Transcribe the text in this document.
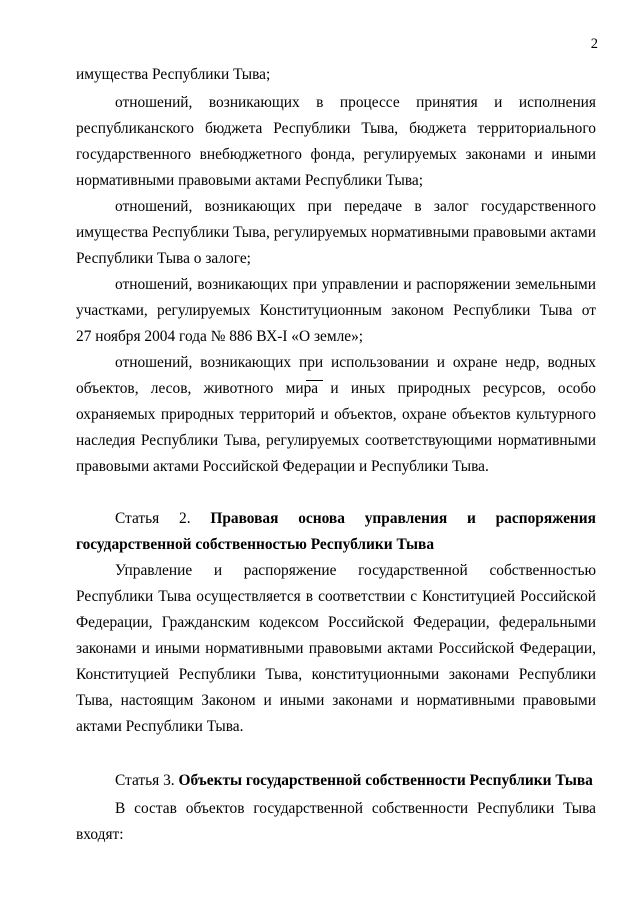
2
имущества Республики Тыва;
отношений, возникающих в процессе принятия и исполнения
республиканского бюджета Республики Тыва, бюджета территориального
государственного внебюджетного фонда, регулируемых законами и иными
нормативными правовыми актами Республики Тыва;
отношений, возникающих при передаче в залог государственного
имущества Республики Тыва, регулируемых нормативными правовыми актами
Республики Тыва о залоге;
отношений, возникающих при управлении и распоряжении земельными
участками, регулируемых Конституционным законом Республики Тыва от
27 ноября 2004 года № 886 ВХ-I «О земле»;
отношений, возникающих при использовании и охране недр, водных
объектов, лесов, животного мира и иных природных ресурсов, особо
охраняемых природных территорий и объектов, охране объектов культурного
наследия Республики Тыва, регулируемых соответствующими нормативными
правовыми актами Российской Федерации и Республики Тыва.
Статья 2. Правовая основа управления и распоряжения
государственной собственностью Республики Тыва
Управление и распоряжение государственной собственностью
Республики Тыва осуществляется в соответствии с Конституцией Российской
Федерации, Гражданским кодексом Российской Федерации, федеральными
законами и иными нормативными правовыми актами Российской Федерации,
Конституцией Республики Тыва, конституционными законами Республики
Тыва, настоящим Законом и иными законами и нормативными правовыми
актами Республики Тыва.
Статья 3. Объекты государственной собственности Республики Тыва
В состав объектов государственной собственности Республики Тыва
входят:
